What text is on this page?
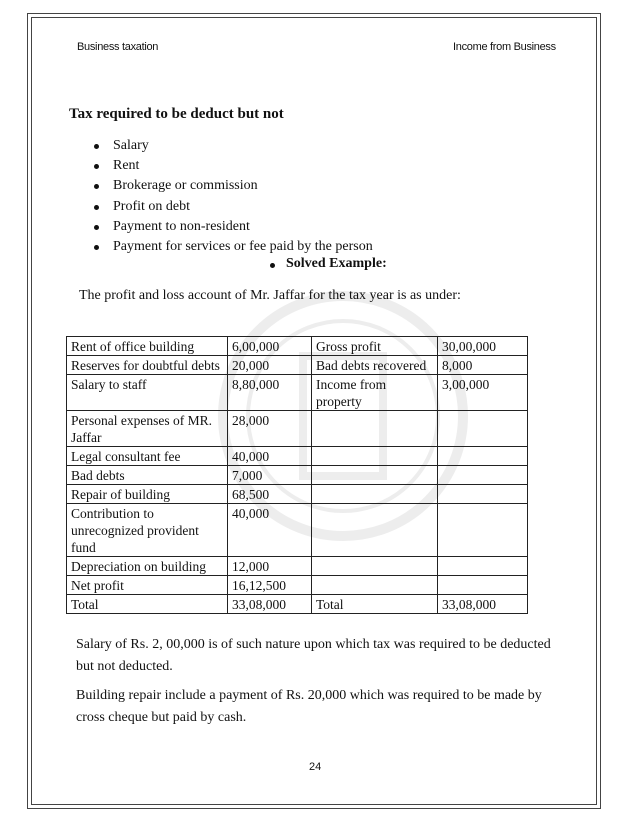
Business taxation	Income from Business
Tax required to be deduct but not
Salary
Rent
Brokerage or commission
Profit on debt
Payment to non-resident
Payment for services or fee paid by the person
Solved Example:
The profit and loss account of Mr. Jaffar for the tax year is as under:
Rent of office building	6,00,000	Gross profit	30,00,000
Reserves for doubtful debts	20,000	Bad debts recovered	8,000
Salary to staff	8,80,000	Income from property	3,00,000
Personal expenses of MR. Jaffar	28,000		
Legal consultant fee	40,000		
Bad debts	7,000		
Repair of building	68,500		
Contribution to unrecognized provident fund	40,000		
Depreciation on building	12,000		
Net profit	16,12,500		
Total	33,08,000	Total	33,08,000
Salary of Rs. 2, 00,000 is of such nature upon which tax was required to be deducted but not deducted.
Building repair include a payment of Rs. 20,000 which was required to be made by cross cheque but paid by cash.
24
